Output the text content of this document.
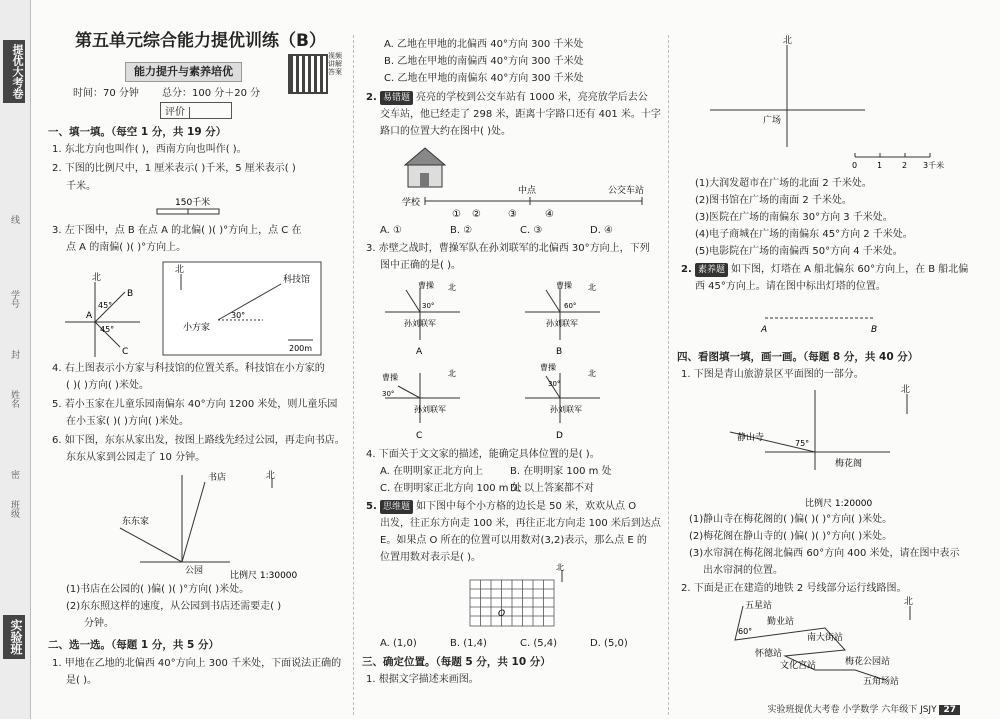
提优大考卷
班级
姓名
学号
线
封
密
实验班
第五单元综合能力提优训练（B）
能力提升与素养培优
视频讲解答案
时间：70 分钟 总分：100 分＋20 分
评价
一、填一填。（每空 1 分，共 19 分）
1. 东北方向也叫作( )，西南方向也叫作( )。
2. 下图的比例尺中，1 厘米表示( )千米，5 厘米表示( )
千米。
150千米
3. 左下图中，点 B 在点 A 的北偏( )( )°方向上，点 C 在
点 A 的南偏( )( )°方向上。
北
A
B
C
45°
45°
北
科技馆
小方家
30°
200m
4. 右上图表示小方家与科技馆的位置关系。科技馆在小方家的
( )( )方向( )米处。
5. 若小玉家在儿童乐园南偏东 40°方向 1200 米处，则儿童乐园
在小玉家( )( )方向( )米处。
6. 如下图，东东从家出发，按图上路线先经过公园，再走向书店。
东东从家到公园走了 10 分钟。
北
书店
东东家
公园	比例尺 1:30000
(1)书店在公园的( )偏( )( )°方向( )米处。
(2)东东照这样的速度，从公园到书店还需要走( )
分钟。
二、选一选。（每题 1 分，共 5 分）
1. 甲地在乙地的北偏西 40°方向上 300 千米处，下面说法正确的
是( )。
A. 乙地在甲地的北偏西 40°方向 300 千米处
B. 乙地在甲地的南偏西 40°方向 300 千米处
C. 乙地在甲地的南偏东 40°方向 300 千米处
2. 易错题 亮亮的学校到公交车站有 1000 米，亮亮放学后去公
交车站，他已经走了 298 米，距离十字路口还有 401 米。十字
路口的位置大约在图中( )处。
学校
中点	公交车站
① ②	③	④
A. ①	B. ②	C. ③	D. ④
3. 赤壁之战时，曹操军队在孙刘联军的北偏西 30°方向上，下列
图中正确的是( )。
曹操
30°
孙刘联军
北
A
曹操
60°
孙刘联军
北
B
曹操
30°
孙刘联军
北
C
曹操
30°
孙刘联军
北
D
4. 下面关于文文家的描述，能确定具体位置的是( )。
A. 在明明家正北方向上	B. 在明明家 100 m 处
C. 在明明家正北方向 100 m 处
D. 以上答案都不对
5. 思维题 如下图中每个小方格的边长是 50 米，欢欢从点 O
出发，往正东方向走 100 米，再往正北方向走 100 米后到达点
E。如果点 O 所在的位置可以用数对(3,2)表示，那么点 E 的
位置用数对表示是( )。
北
O
A. (1,0)	B. (1,4)	C. (5,4)	D. (5,0)
三、确定位置。（每题 5 分，共 10 分）
1. 根据文字描述来画图。
北
广场
0 1 2 3千米
(1)大润发超市在广场的北面 2 千米处。
(2)图书馆在广场的南面 2 千米处。
(3)医院在广场的南偏东 30°方向 3 千米处。
(4)电子商城在广场的南偏东 45°方向 2 千米处。
(5)电影院在广场的南偏西 50°方向 4 千米处。
2. 素养题 如下图，灯塔在 A 船北偏东 60°方向上，在 B 船北偏
西 45°方向上。请在图中标出灯塔的位置。
A	B
四、看图填一填，画一画。（每题 8 分，共 40 分）
1. 下图是青山旅游景区平面图的一部分。
北
静山寺
梅花阁
75°
比例尺 1:20000
(1)静山寺在梅花阁的( )偏( )( )°方向( )米处。
(2)梅花阁在静山寺的( )偏( )( )°方向( )米处。
(3)水帘洞在梅花阁北偏西 60°方向 400 米处，请在图中表示
出水帘洞的位置。
2. 下面是正在建造的地铁 2 号线部分运行线路图。
北
五星站
勤业站
南大街站
怀德站
文化宫站	梅花公园站
五角场站
60°
实验班提优大考卷 小学数学 六年级下 JSJY 27
